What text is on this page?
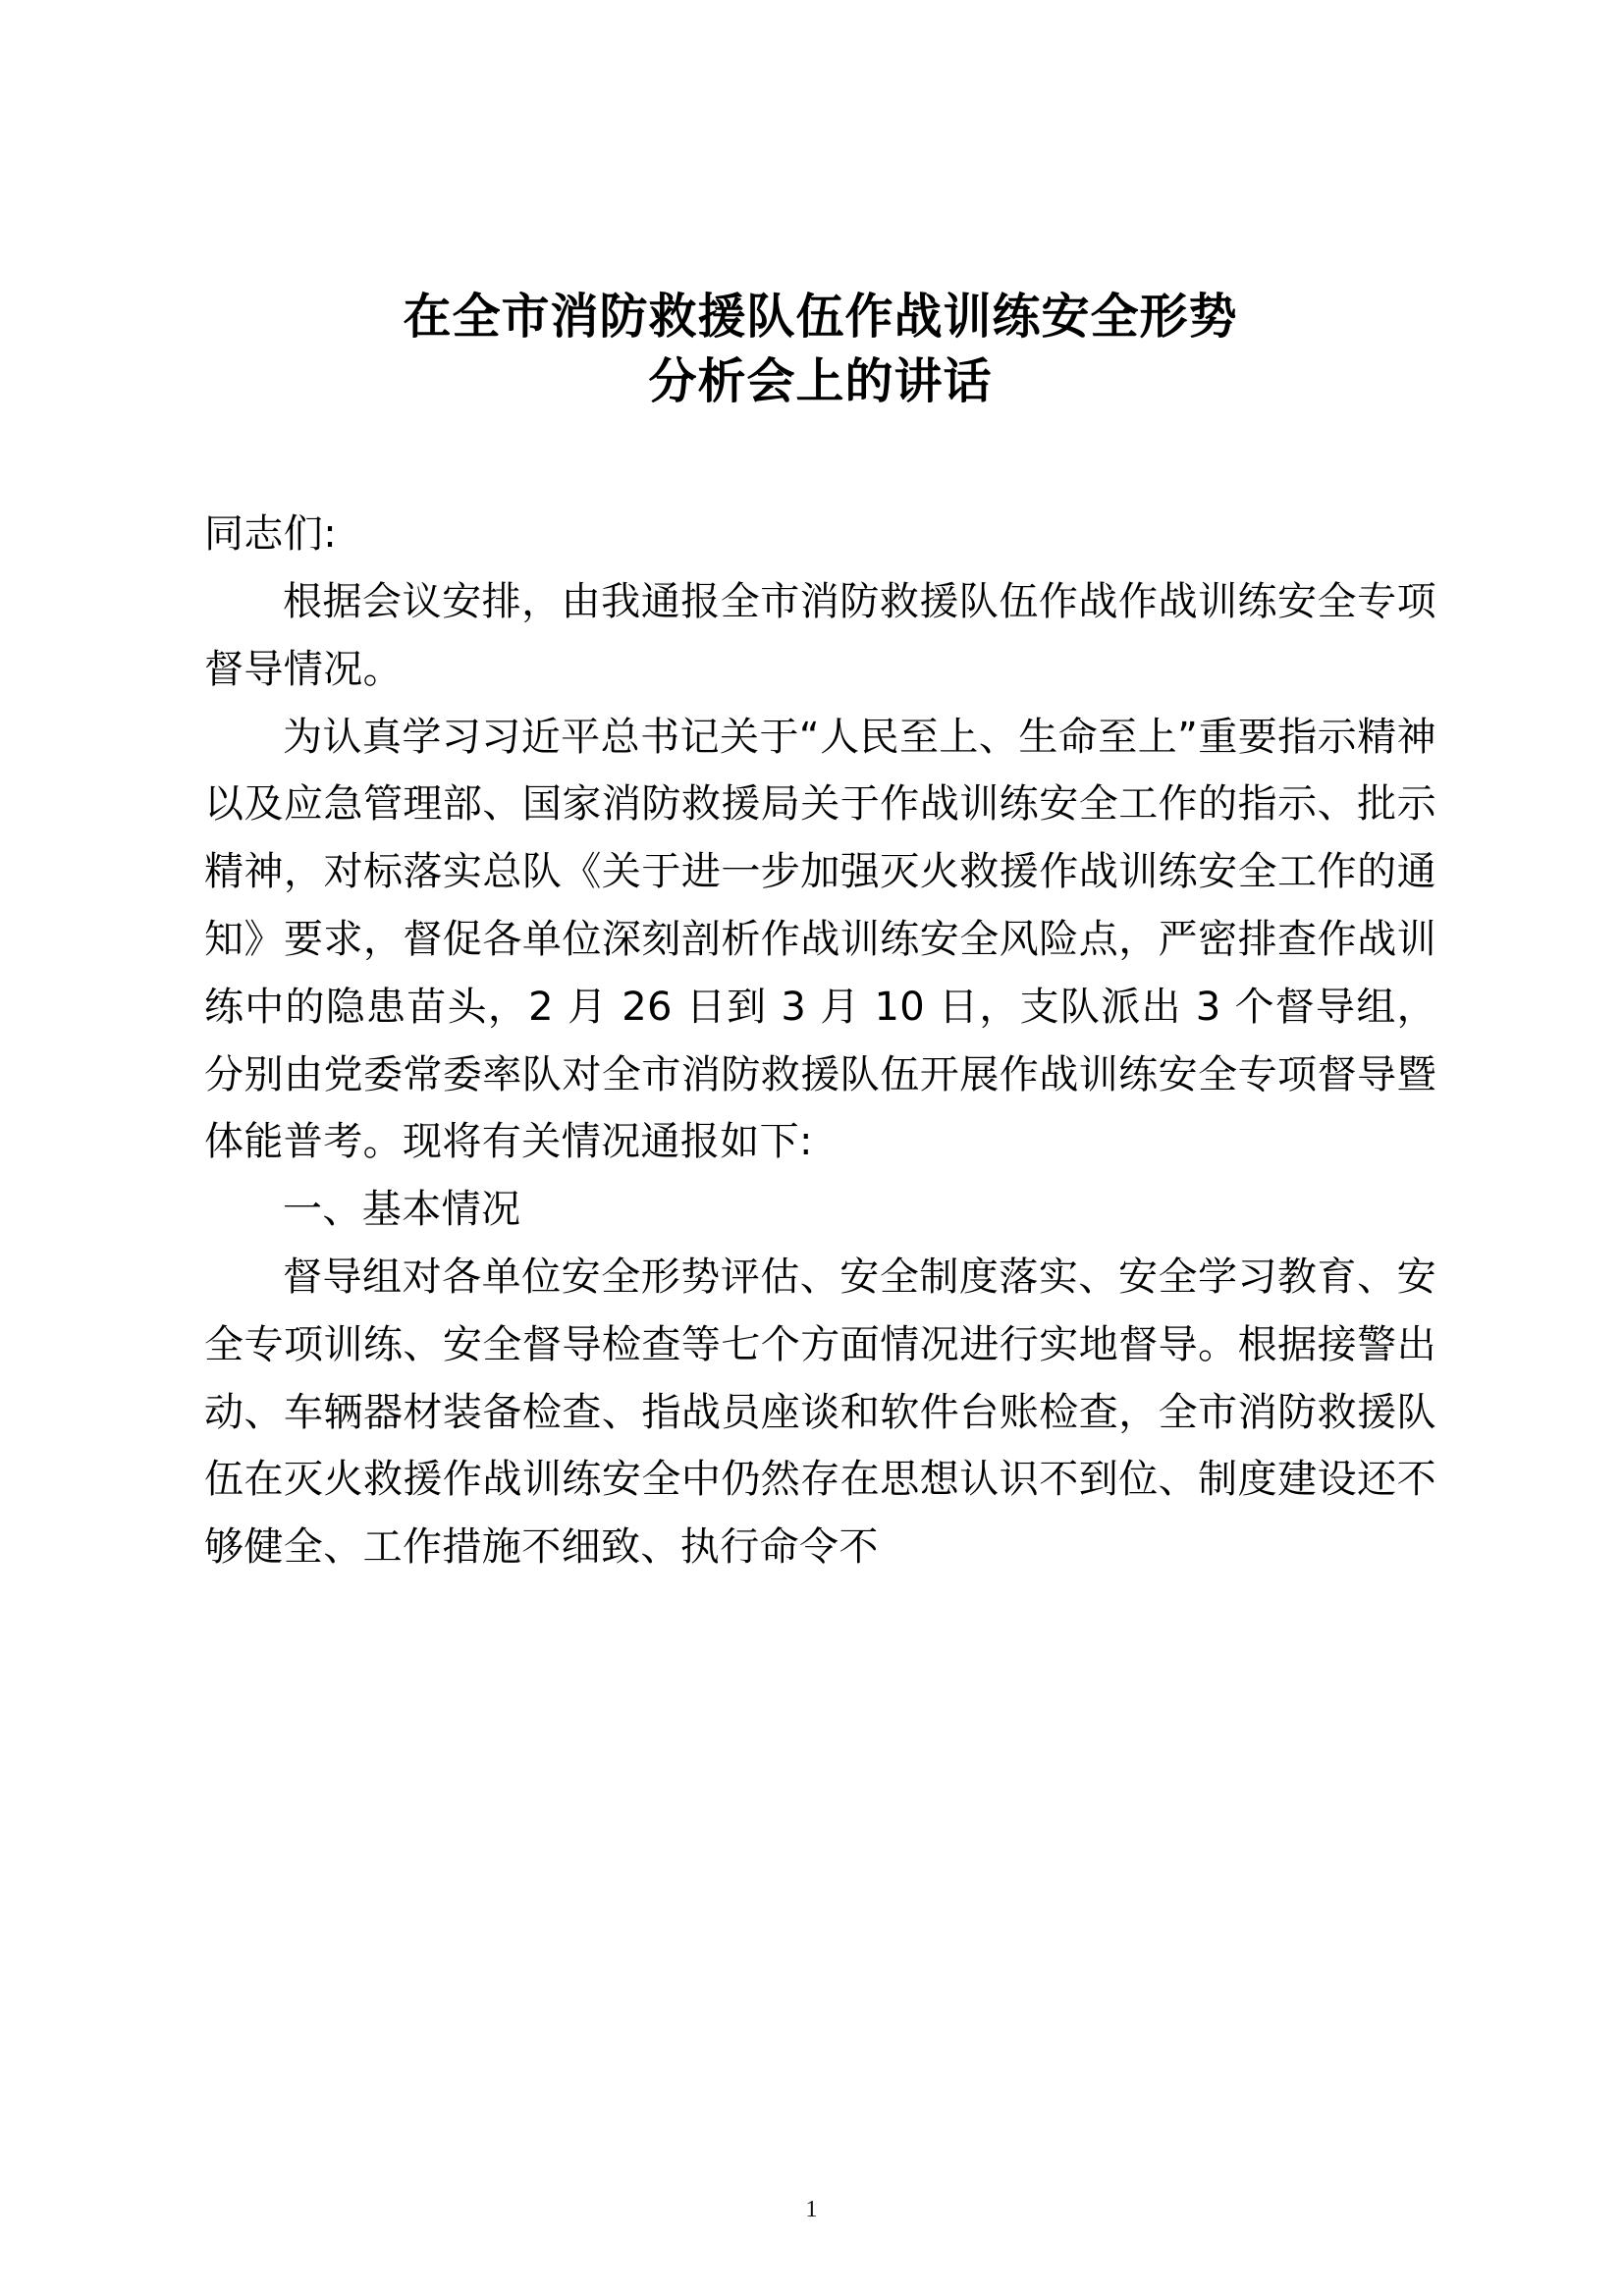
在全市消防救援队伍作战训练安全形势
分析会上的讲话

同志们:

根据会议安排，由我通报全市消防救援队伍作战作战训练安全专项督导情况。

为认真学习习近平总书记关于“人民至上、生命至上”重要指示精神以及应急管理部、国家消防救援局关于作战训练安全工作的指示、批示精神，对标落实总队《关于进一步加强灭火救援作战训练安全工作的通知》要求，督促各单位深刻剖析作战训练安全风险点，严密排查作战训练中的隐患苗头，2 月 26 日到 3 月 10 日，支队派出 3 个督导组，分别由党委常委率队对全市消防救援队伍开展作战训练安全专项督导暨体能普考。现将有关情况通报如下:

一、基本情况

督导组对各单位安全形势评估、安全制度落实、安全学习教育、安全专项训练、安全督导检查等七个方面情况进行实地督导。根据接警出动、车辆器材装备检查、指战员座谈和软件台账检查，全市消防救援队伍在灭火救援作战训练安全中仍然存在思想认识不到位、制度建设还不够健全、工作措施不细致、执行命令不

1
